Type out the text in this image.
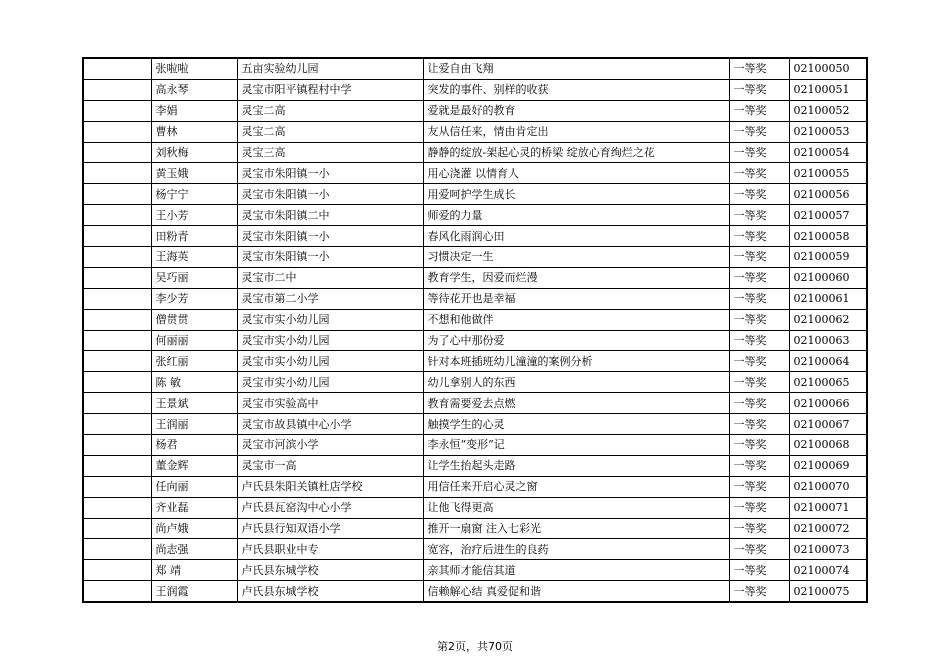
	张啦啦	五亩实验幼儿园	让爱自由飞翔	一等奖	02100050
	高永琴	灵宝市阳平镇程村中学	突发的事件、别样的收获	一等奖	02100051
	李娟	灵宝二高	爱就是最好的教育	一等奖	02100052
	曹林	灵宝二高	友从信任来，情由肯定出	一等奖	02100053
	刘秋梅	灵宝三高	静静的绽放-架起心灵的桥梁 绽放心育绚烂之花	一等奖	02100054
	黄玉娥	灵宝市朱阳镇一小	用心浇灌 以情育人	一等奖	02100055
	杨宁宁	灵宝市朱阳镇一小	用爱呵护学生成长	一等奖	02100056
	王小芳	灵宝市朱阳镇二中	师爱的力量	一等奖	02100057
	田粉青	灵宝市朱阳镇一小	春风化雨润心田	一等奖	02100058
	王海英	灵宝市朱阳镇一小	习惯决定一生	一等奖	02100059
	吴巧丽	灵宝市二中	教育学生，因爱而烂漫	一等奖	02100060
	李少芳	灵宝市第二小学	等待花开也是幸福	一等奖	02100061
	僧贯贯	灵宝市实小幼儿园	不想和他做伴	一等奖	02100062
	何丽丽	灵宝市实小幼儿园	为了心中那份爱	一等奖	02100063
	张红丽	灵宝市实小幼儿园	针对本班插班幼儿潼潼的案例分析	一等奖	02100064
	陈 敏	灵宝市实小幼儿园	幼儿拿别人的东西	一等奖	02100065
	王景斌	灵宝市实验高中	教育需要爱去点燃	一等奖	02100066
	王润丽	灵宝市故县镇中心小学	触摸学生的心灵	一等奖	02100067
	杨君	灵宝市河滨小学	李永恒“变形”记	一等奖	02100068
	董金辉	灵宝市一高	让学生抬起头走路	一等奖	02100069
	任向丽	卢氏县朱阳关镇杜店学校	用信任来开启心灵之窗	一等奖	02100070
	齐业磊	卢氏县瓦窑沟中心小学	让他飞得更高	一等奖	02100071
	尚卢娥	卢氏县行知双语小学	推开一扇窗 注入七彩光	一等奖	02100072
	尚志强	卢氏县职业中专	宽容，治疗后进生的良药	一等奖	02100073
	郑 靖	卢氏县东城学校	亲其师才能信其道	一等奖	02100074
	王润霞	卢氏县东城学校	信赖解心结 真爱促和谐	一等奖	02100075
第2页，共70页
